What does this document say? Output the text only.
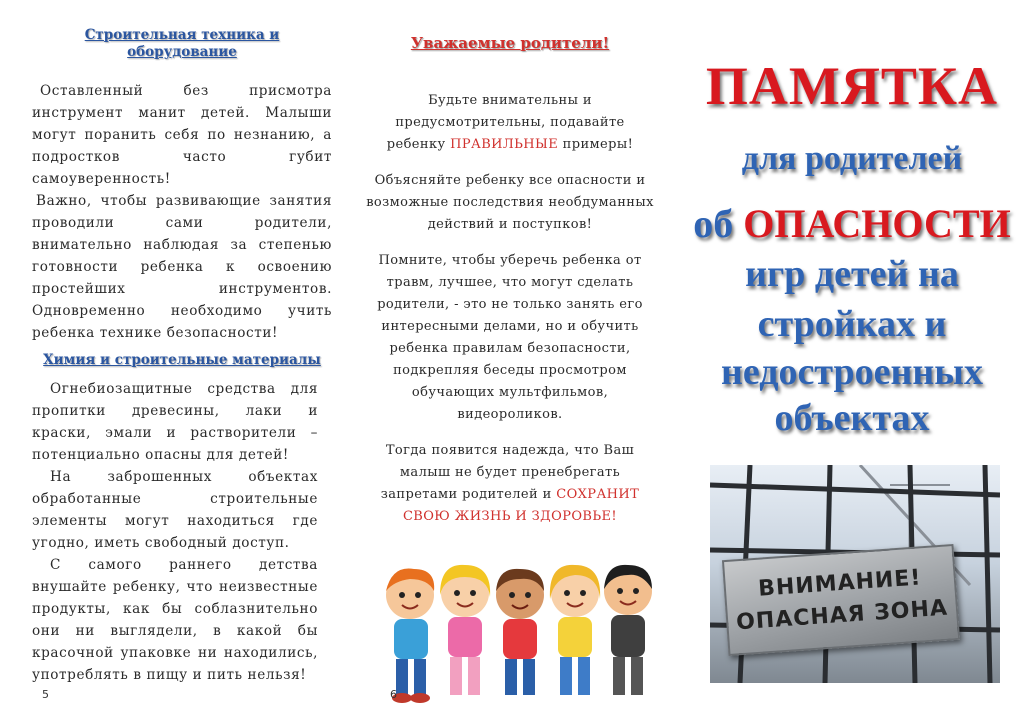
Строительная техника и оборудование

Оставленный без присмотра инструмент манит детей. Малыши могут поранить себя по незнанию, а подростков часто губит самоуверенность!

Важно, чтобы развивающие занятия проводили сами родители, внимательно наблюдая за степенью готовности ребенка к освоению простейших инструментов. Одновременно необходимо учить ребенка технике безопасности!

Химия и строительные материалы

Огнебиозащитные средства для пропитки древесины, лаки и краски, эмали и растворители – потенциально опасны для детей!

На заброшенных объектах обработанные строительные элементы могут находиться где угодно, иметь свободный доступ.

С самого раннего детства внушайте ребенку, что неизвестные продукты, как бы соблазнительно они ни выглядели, в какой бы красочной упаковке ни находились, употреблять в пищу и пить нельзя!

5
Уважаемые родители!

Будьте внимательны и предусмотрительны, подавайте ребенку ПРАВИЛЬНЫЕ примеры!

Объясняйте ребенку все опасности и возможные последствия необдуманных действий и поступков!

Помните, чтобы уберечь ребенка от травм, лучшее, что могут сделать родители, - это не только занять его интересными делами, но и обучить ребенка правилам безопасности, подкрепляя беседы просмотром обучающих мультфильмов, видеороликов.

Тогда появится надежда, что Ваш малыш не будет пренебрегать запретами родителей и СОХРАНИТ СВОЮ ЖИЗНЬ И ЗДОРОВЬЕ!

6
ПАМЯТКА
для родителей
об ОПАСНОСТИ
игр детей на
стройках и
недостроенных
объектах
ВНИМАНИЕ!
ОПАСНАЯ ЗОНА
